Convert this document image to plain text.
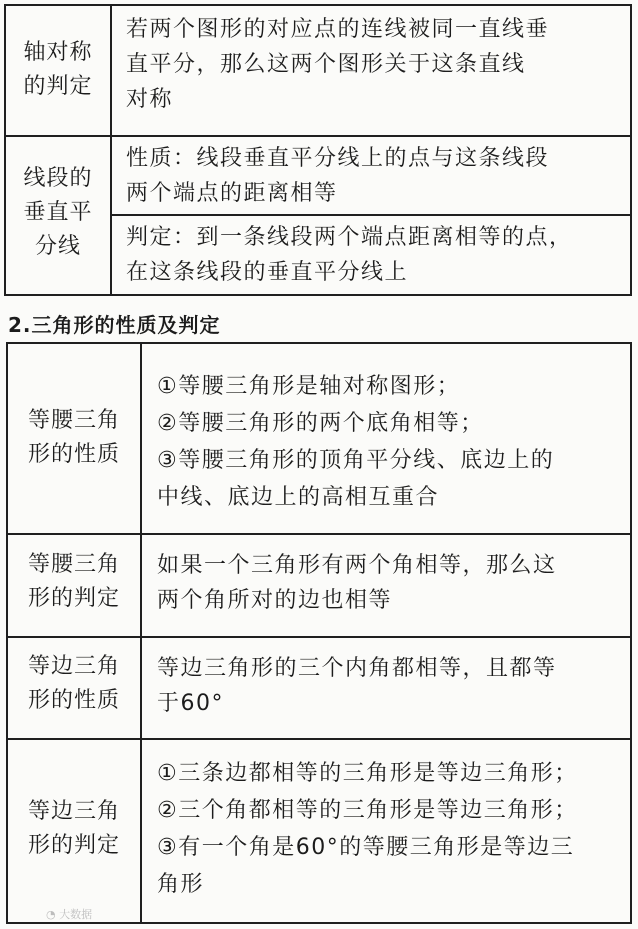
轴对称
的判定
若两个图形的对应点的连线被同一直线垂
直平分，那么这两个图形关于这条直线
对称
线段的
垂直平
分线
性质：线段垂直平分线上的点与这条线段
两个端点的距离相等
判定：到一条线段两个端点距离相等的点，
在这条线段的垂直平分线上
2.三角形的性质及判定
等腰三角
形的性质
①等腰三角形是轴对称图形；
②等腰三角形的两个底角相等；
③等腰三角形的顶角平分线、底边上的
中线、底边上的高相互重合
等腰三角
形的判定
如果一个三角形有两个角相等，那么这
两个角所对的边也相等
等边三角
形的性质
等边三角形的三个内角都相等，且都等
于60°
等边三角
形的判定
①三条边都相等的三角形是等边三角形；
②三个角都相等的三角形是等边三角形；
③有一个角是60°的等腰三角形是等边三
角形
◔ 大数据
